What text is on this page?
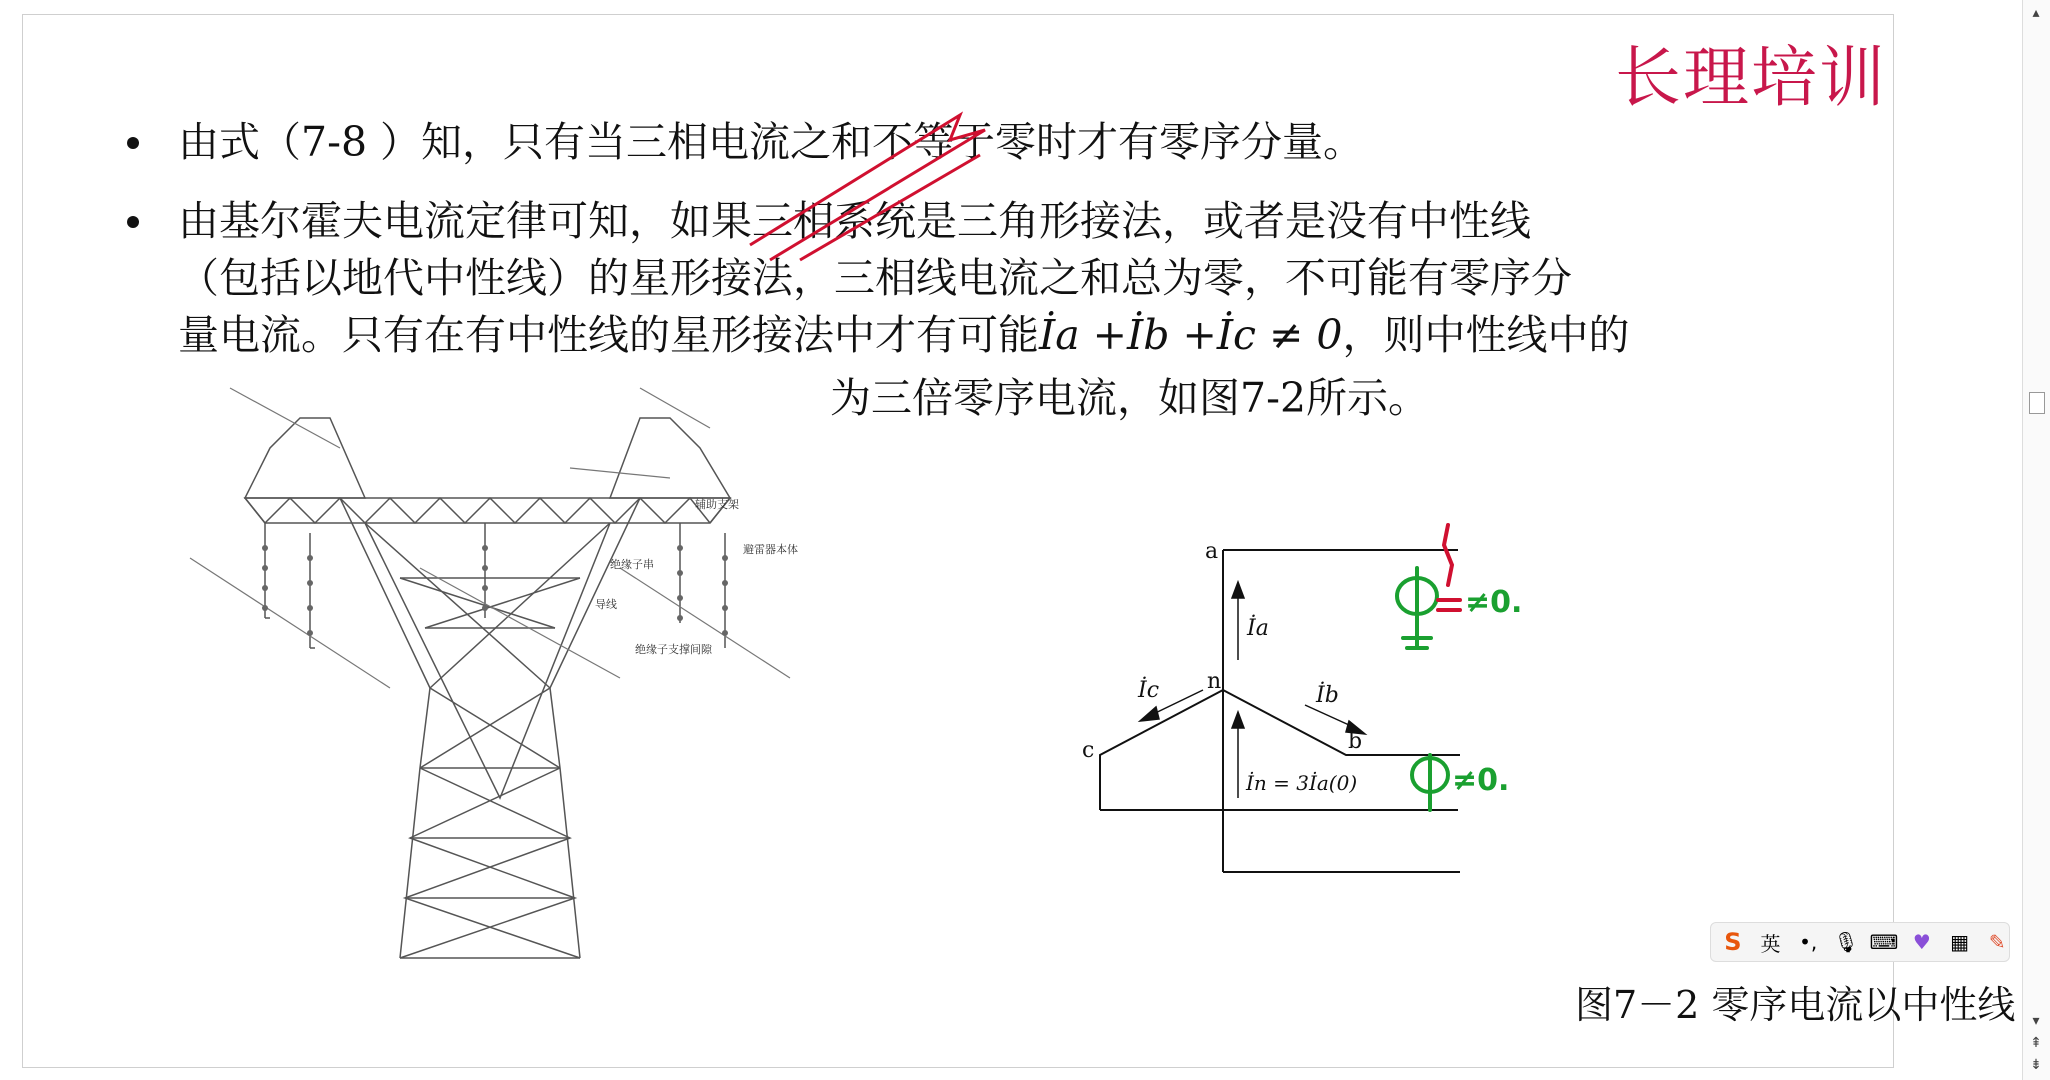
长理培训
由式（7-8 ）知，只有当三相电流之和不等于零时才有零序分量。
由基尔霍夫电流定律可知，如果三相系统是三角形接法，或者是没有中性线
（包括以地代中性线）的星形接法，三相线电流之和总为零，不可能有零序分
量电流。只有在有中性线的星形接法中才有可能İa +İb +İc ≠ 0，则中性线中的
辅助支架
避雷器本体
绝缘子串
导线
绝缘子支撑间隙
为三倍零序电流，如图7-2所示。
a
b
c
n
İa
İb
İc
İn = 3İa(0)
≠0.
≠0.
图7－2 零序电流以中性线
S 英 •, 🎙 ⌨ ♥ ▦ ✎
▴
▾
⇞
⇟
